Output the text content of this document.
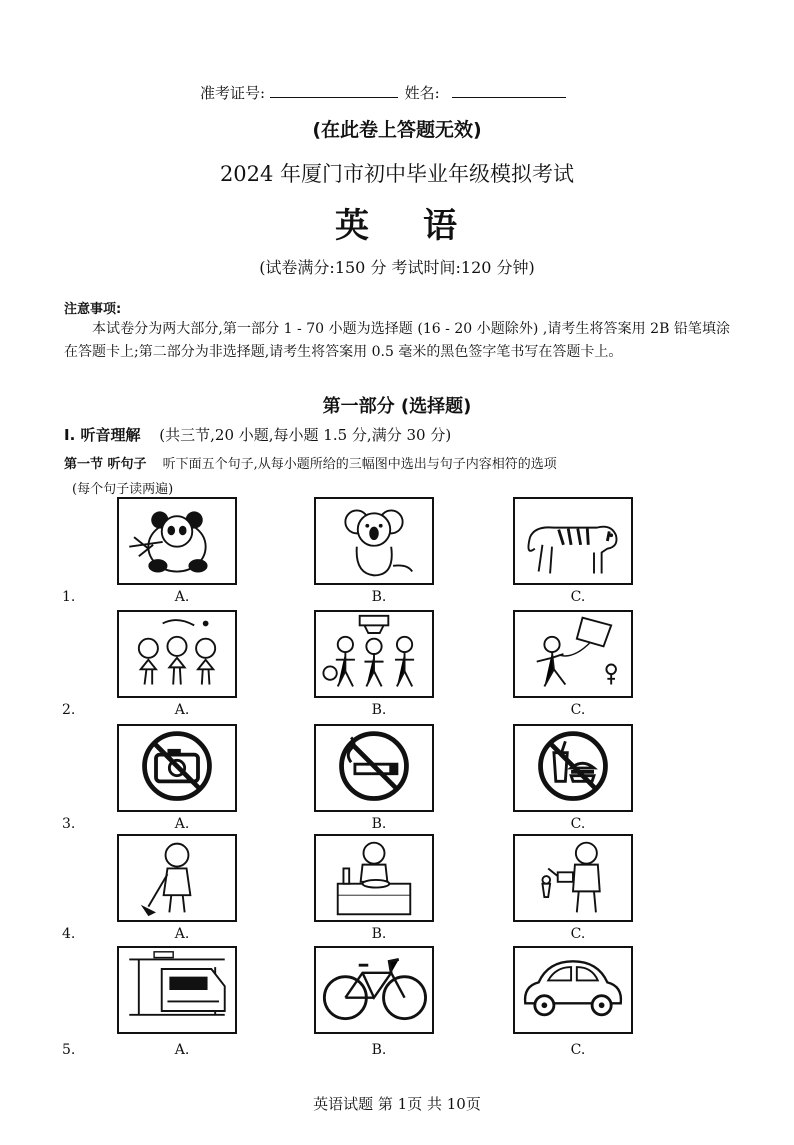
准考证号:	姓名:
(在此卷上答题无效)
2024 年厦门市初中毕业年级模拟考试
英 语
(试卷满分:150 分 考试时间:120 分钟)
注意事项:
本试卷分为两大部分,第一部分 1 - 70 小题为选择题 (16 - 20 小题除外) ,请考生将答案用 2B 铅笔填涂在答题卡上;第二部分为非选择题,请考生将答案用 0.5 毫米的黑色签字笔书写在答题卡上。
第一部分 (选择题)
I. 听音理解 (共三节,20 小题,每小题 1.5 分,满分 30 分)
第一节 听句子 听下面五个句子,从每小题所给的三幅图中选出与句子内容相符的选项
(每个句子读两遍)
1.	A.	B.	C.
2.	A.	B.	C.
3.	A.	B.	C.
4.	A.	B.	C.
5.	A.	B.	C.
英语试题 第 1页 共 10页
